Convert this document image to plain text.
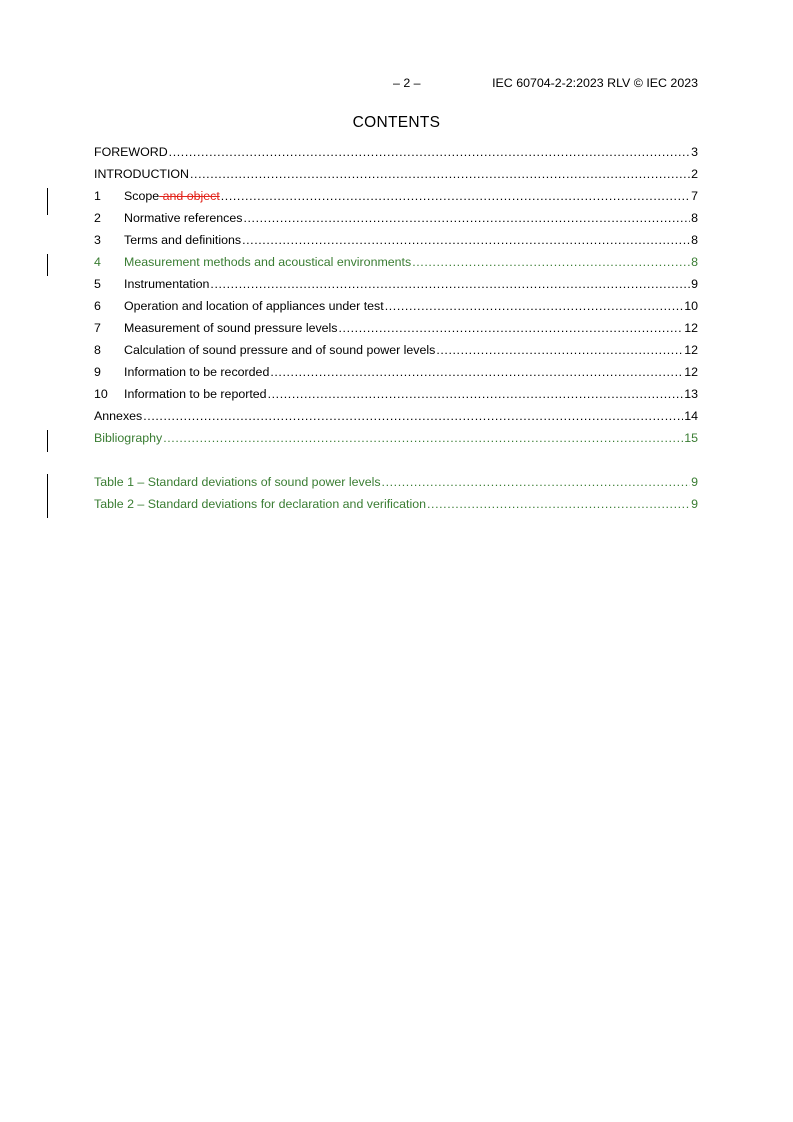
– 2 –	IEC 60704-2-2:2023 RLV © IEC 2023
CONTENTS
FOREWORD .....	3
INTRODUCTION .....	2
1	Scope and object .....	7
2	Normative references .....	8
3	Terms and definitions .....	8
4	Measurement methods and acoustical environments .....	8
5	Instrumentation .....	9
6	Operation and location of appliances under test .....	10
7	Measurement of sound pressure levels .....	12
8	Calculation of sound pressure and of sound power levels .....	12
9	Information to be recorded .....	12
10	Information to be reported .....	13
Annexes .....	14
Bibliography .....	15
Table 1 – Standard deviations of sound power levels .....	9
Table 2 – Standard deviations for declaration and verification .....	9
